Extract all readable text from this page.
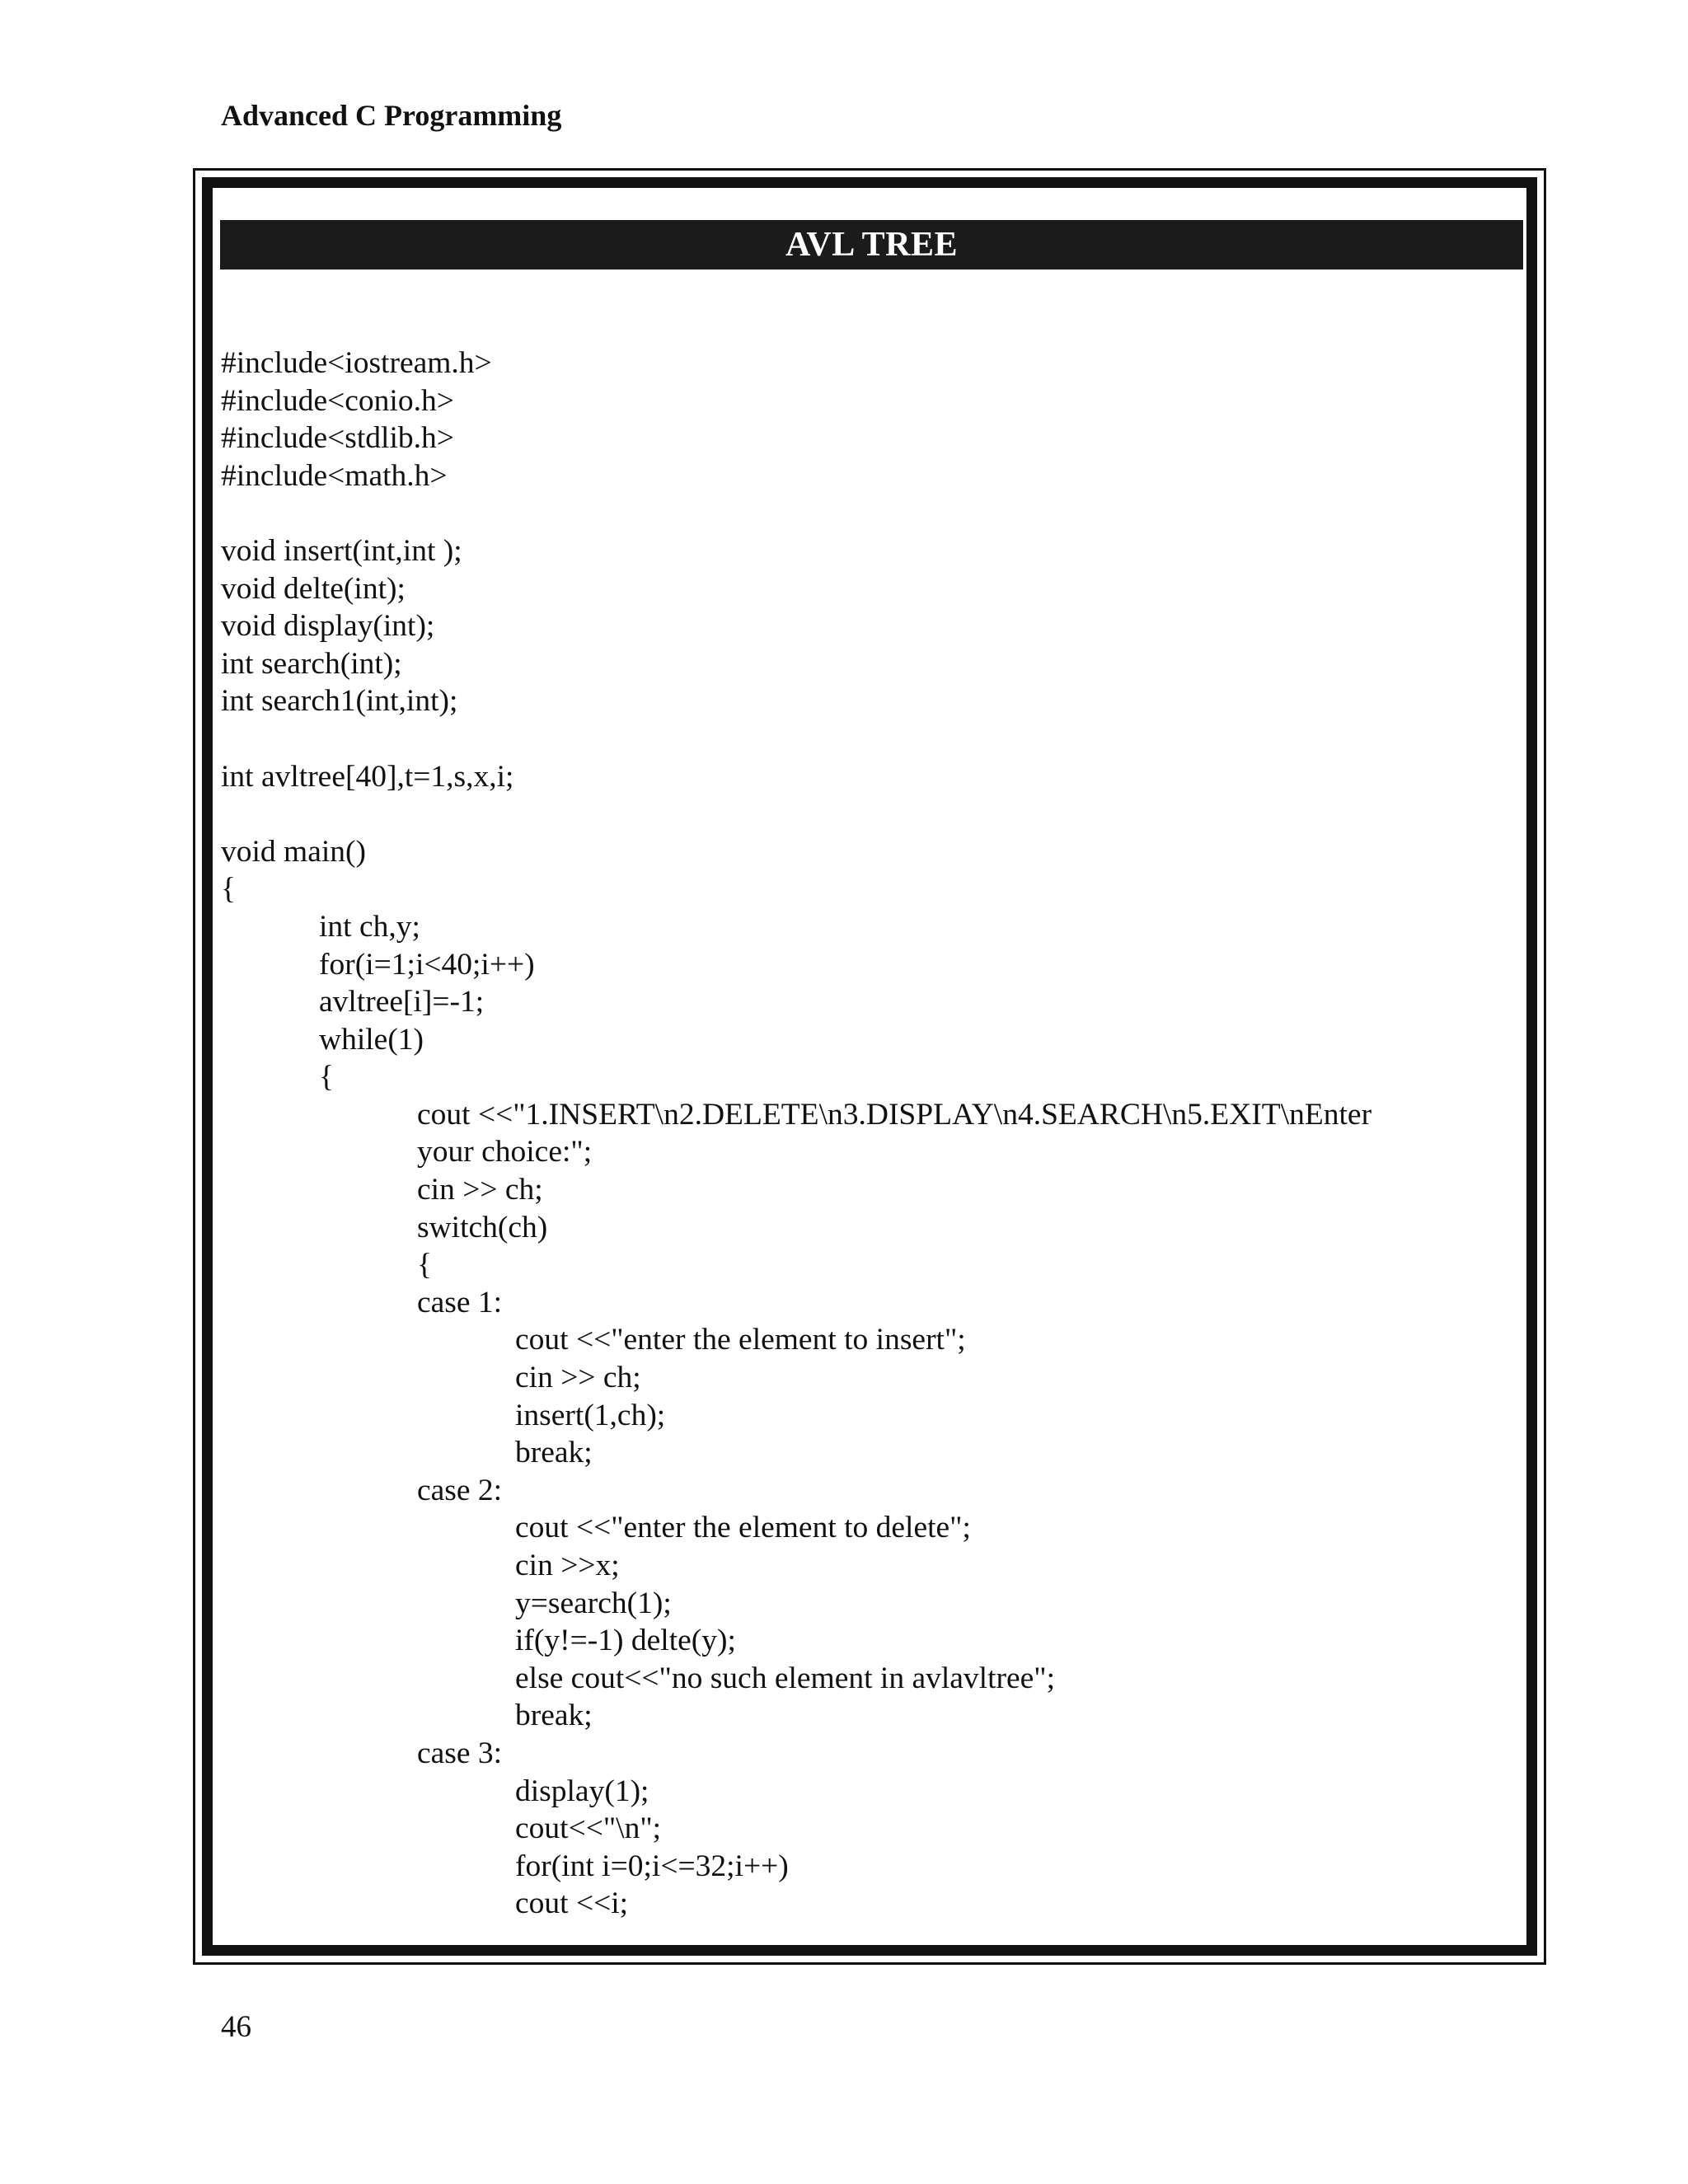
Advanced C Programming
AVL TREE
#include<iostream.h>
#include<conio.h>
#include<stdlib.h>
#include<math.h>
void insert(int,int );
void delte(int);
void display(int);
int search(int);
int search1(int,int);
int avltree[40],t=1,s,x,i;
void main()
{
int ch,y;
for(i=1;i<40;i++)
avltree[i]=-1;
while(1)
{
cout <<"1.INSERT\n2.DELETE\n3.DISPLAY\n4.SEARCH\n5.EXIT\nEnter
your choice:";
cin >> ch;
switch(ch)
{
case 1:
cout <<"enter the element to insert";
cin >> ch;
insert(1,ch);
break;
case 2:
cout <<"enter the element to delete";
cin >>x;
y=search(1);
if(y!=-1) delte(y);
else cout<<"no such element in avlavltree";
break;
case 3:
display(1);
cout<<"\n";
for(int i=0;i<=32;i++)
cout <<i;
46
